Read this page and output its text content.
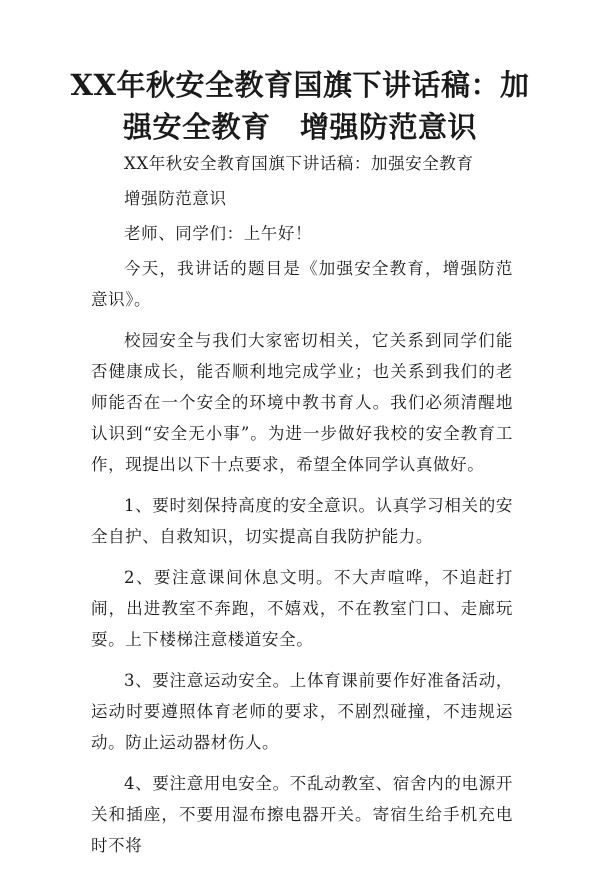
XX年秋安全教育国旗下讲话稿：加强安全教育　增强防范意识

XX年秋安全教育国旗下讲话稿：加强安全教育

增强防范意识

老师、同学们：上午好！

今天，我讲话的题目是《加强安全教育，增强防范意识》。

校园安全与我们大家密切相关，它关系到同学们能否健康成长，能否顺利地完成学业；也关系到我们的老师能否在一个安全的环境中教书育人。我们必须清醒地认识到“安全无小事”。为进一步做好我校的安全教育工作，现提出以下十点要求，希望全体同学认真做好。

1、要时刻保持高度的安全意识。认真学习相关的安全自护、自救知识，切实提高自我防护能力。

2、要注意课间休息文明。不大声喧哗，不追赶打闹，出进教室不奔跑，不嬉戏，不在教室门口、走廊玩耍。上下楼梯注意楼道安全。

3、要注意运动安全。上体育课前要作好准备活动，运动时要遵照体育老师的要求，不剧烈碰撞，不违规运动。防止运动器材伤人。

4、要注意用电安全。不乱动教室、宿舍内的电源开关和插座，不要用湿布擦电器开关。寄宿生给手机充电时不将
